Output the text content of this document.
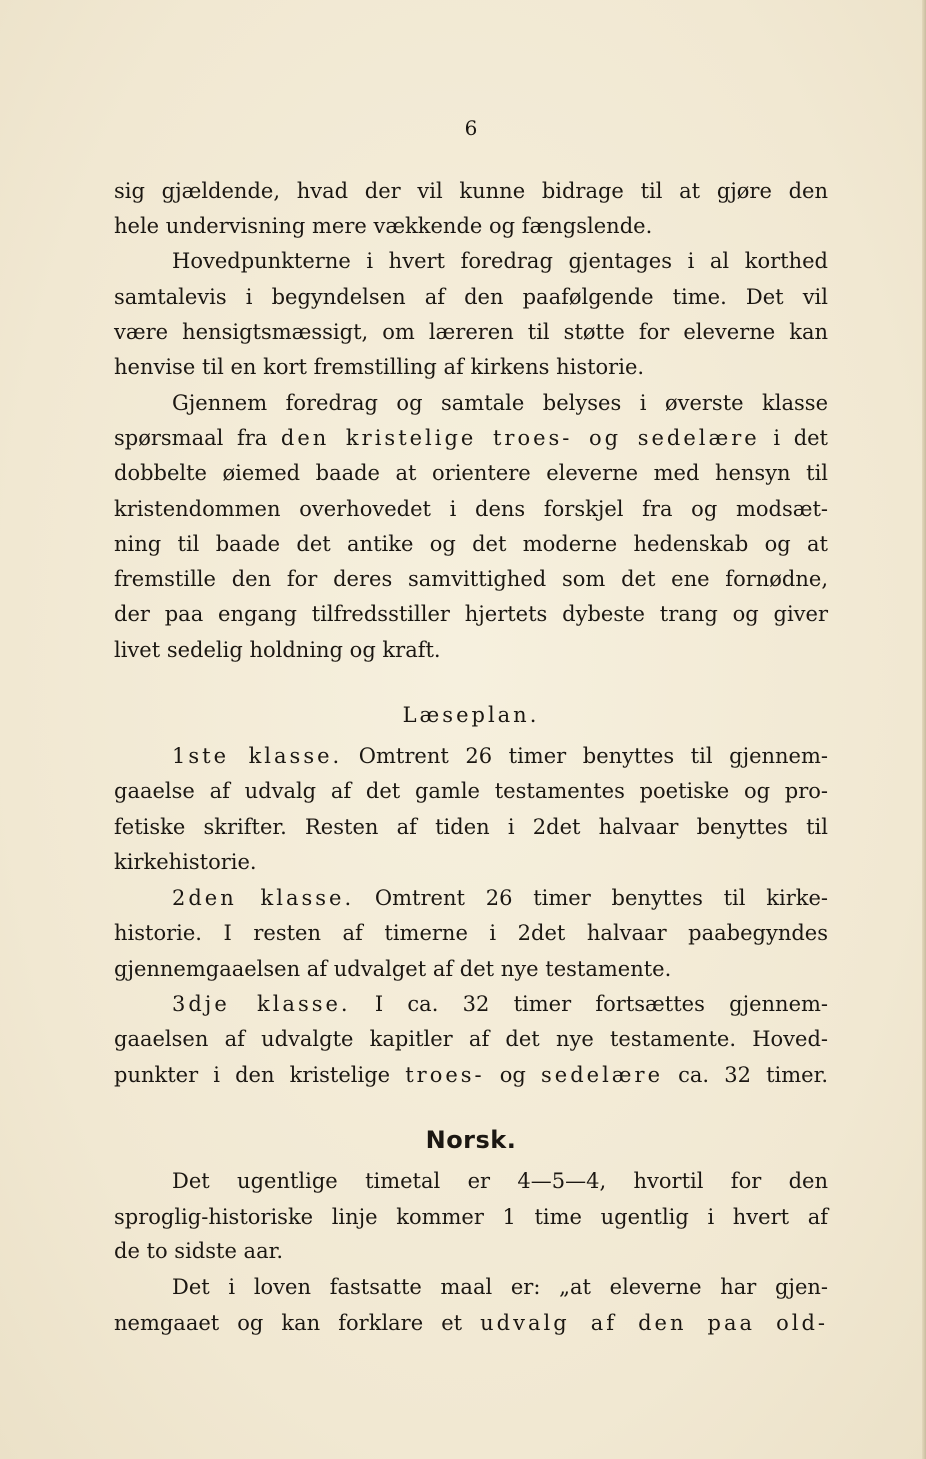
6
sig gjældende, hvad der vil kunne bidrage til at gjøre den
hele undervisning mere vækkende og fængslende.
Hovedpunkterne i hvert foredrag gjentages i al korthed
samtalevis i begyndelsen af den paafølgende time. Det vil
være hensigtsmæssigt, om læreren til støtte for eleverne kan
henvise til en kort fremstilling af kirkens historie.
Gjennem foredrag og samtale belyses i øverste klasse
spørsmaal fra den kristelige troes- og sedelære i det
dobbelte øiemed baade at orientere eleverne med hensyn til
kristendommen overhovedet i dens forskjel fra og modsæt-
ning til baade det antike og det moderne hedenskab og at
fremstille den for deres samvittighed som det ene fornødne,
der paa engang tilfredsstiller hjertets dybeste trang og giver
livet sedelig holdning og kraft.
Læseplan.
1ste klasse. Omtrent 26 timer benyttes til gjennem-
gaaelse af udvalg af det gamle testamentes poetiske og pro-
fetiske skrifter. Resten af tiden i 2det halvaar benyttes til
kirkehistorie.
2den klasse. Omtrent 26 timer benyttes til kirke-
historie. I resten af timerne i 2det halvaar paabegyndes
gjennemgaaelsen af udvalget af det nye testamente.
3dje klasse. I ca. 32 timer fortsættes gjennem-
gaaelsen af udvalgte kapitler af det nye testamente. Hoved-
punkter i den kristelige troes- og sedelære ca. 32 timer.
Norsk.
Det ugentlige timetal er 4—5—4, hvortil for den
sproglig-historiske linje kommer 1 time ugentlig i hvert af
de to sidste aar.
Det i loven fastsatte maal er: „at eleverne har gjen-
nemgaaet og kan forklare et udvalg af den paa old-
